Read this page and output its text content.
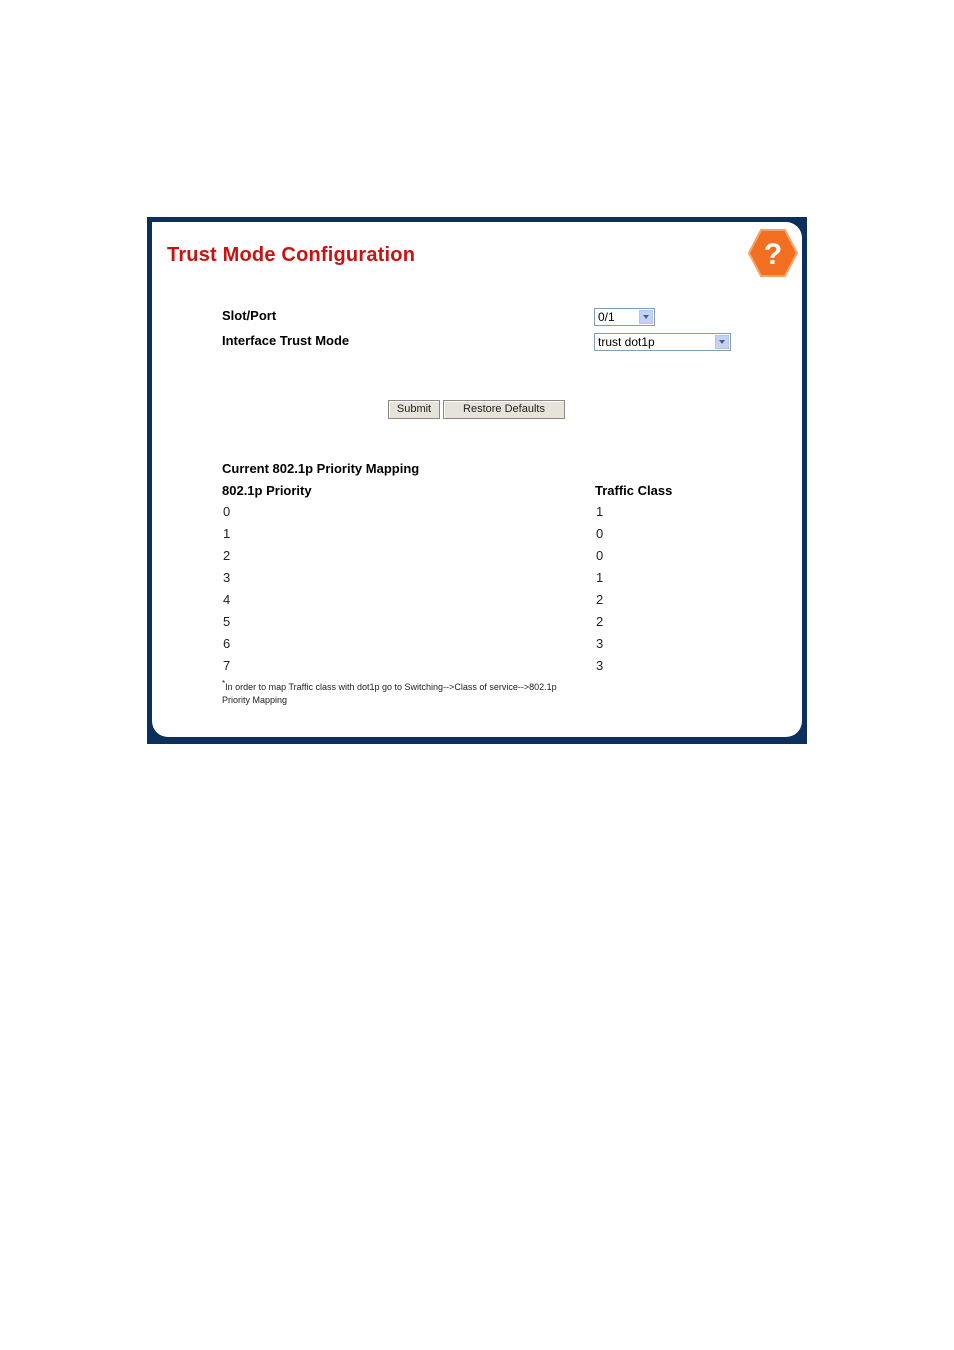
Trust Mode Configuration	?
Slot/Port	0/1
Interface Trust Mode	trust dot1p
Submit	Restore Defaults
Current 802.1p Priority Mapping
802.1p Priority	Traffic Class
0	1
1	0
2	0
3	1
4	2
5	2
6	3
7	3
*In order to map Traffic class with dot1p go to Switching-->Class of service-->802.1p Priority Mapping
